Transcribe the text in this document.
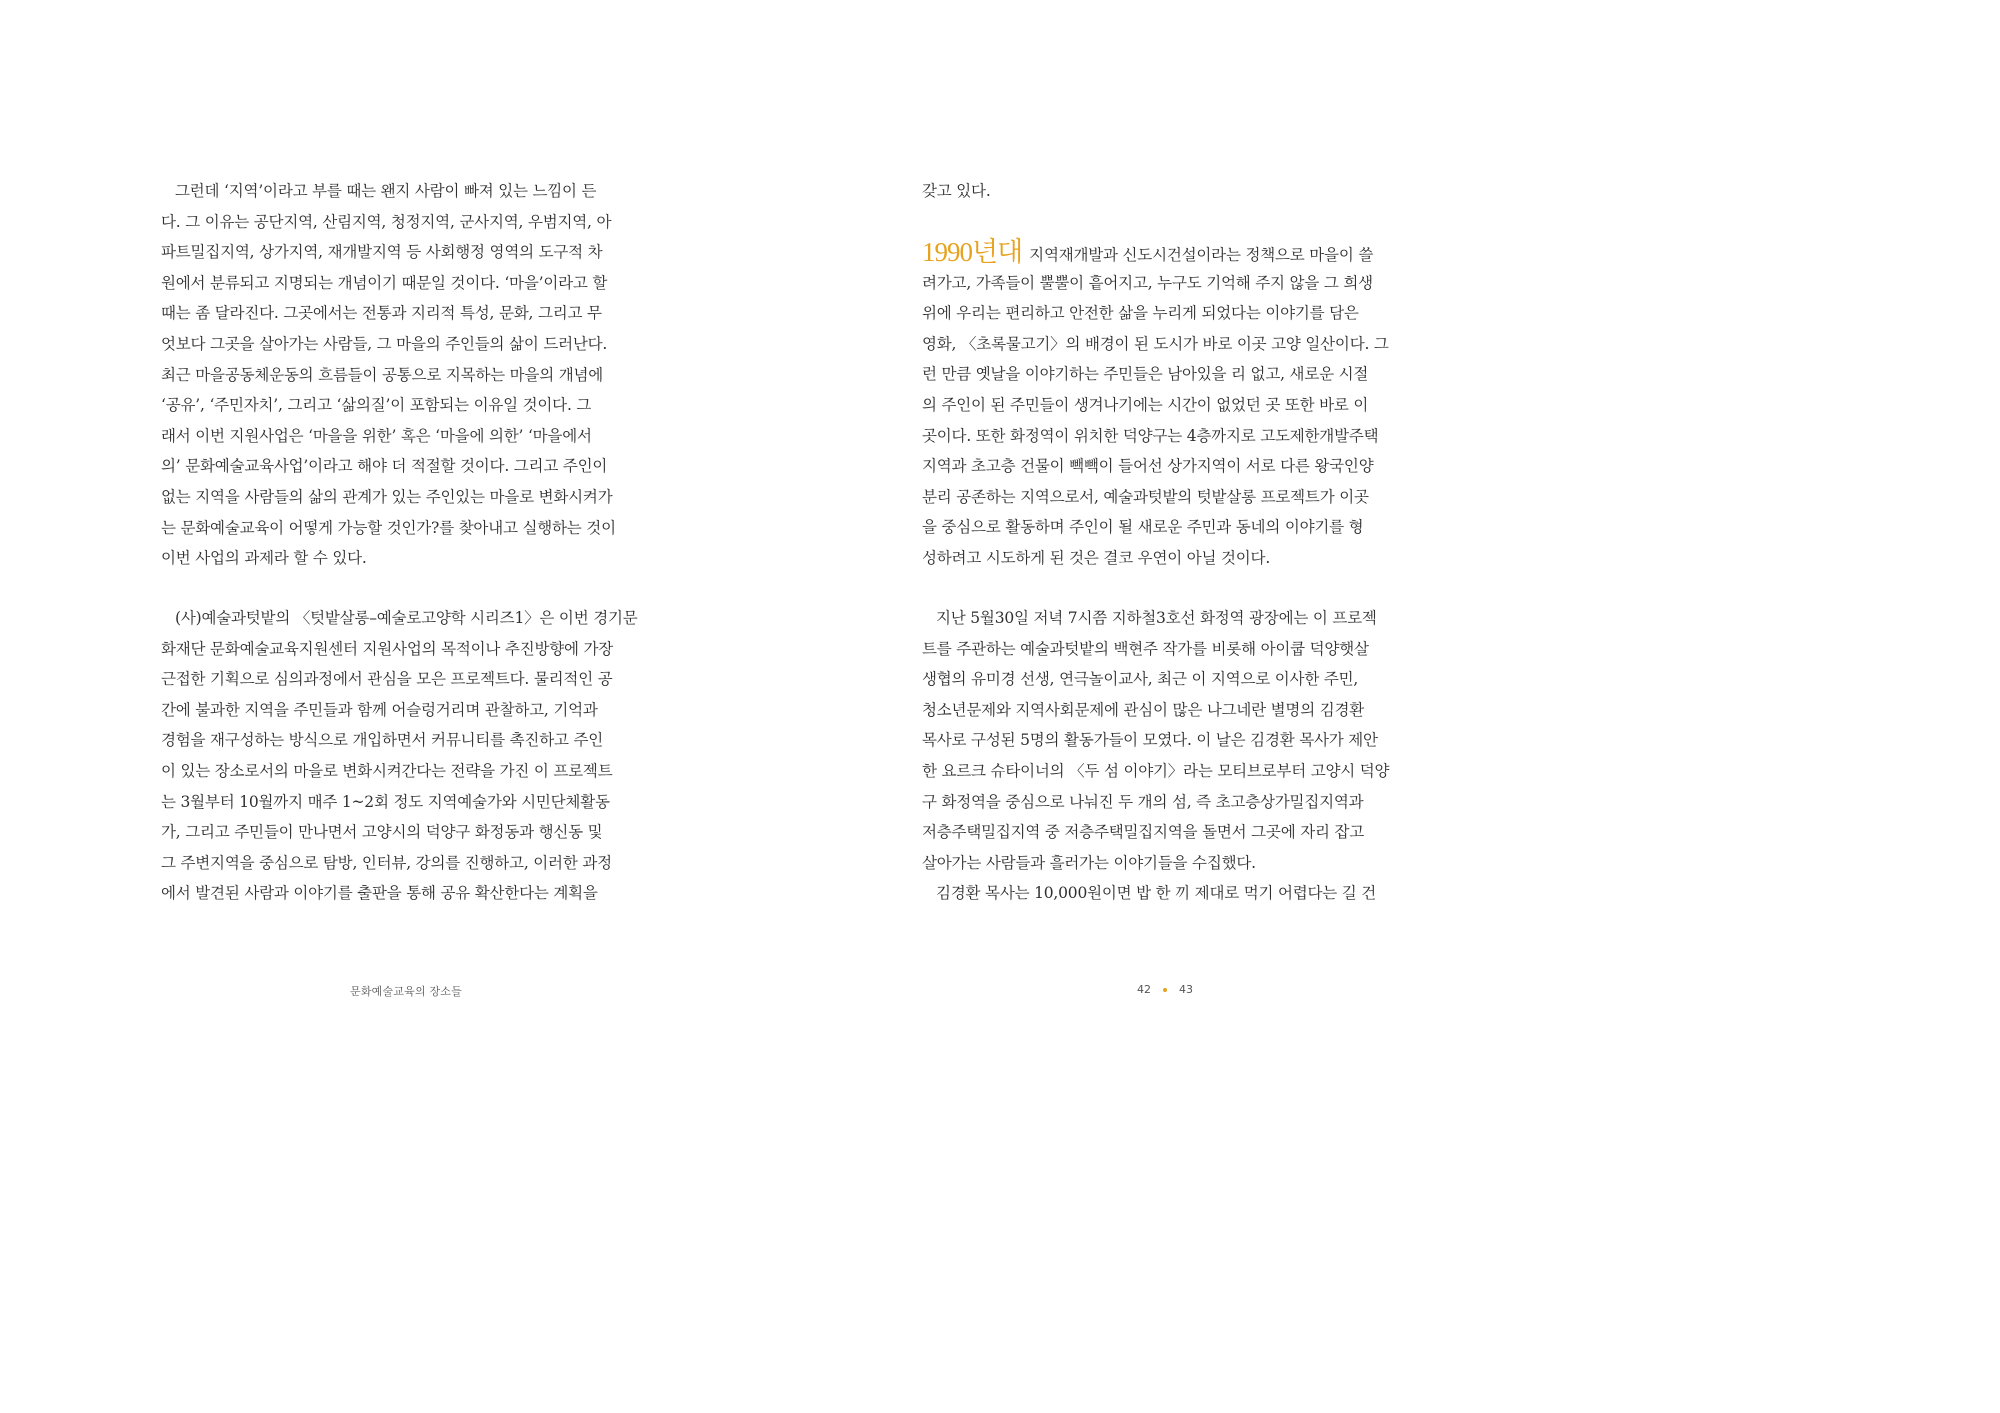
그런데 ‘지역’이라고 부를 때는 왠지 사람이 빠져 있는 느낌이 든
다. 그 이유는 공단지역, 산림지역, 청정지역, 군사지역, 우범지역, 아
파트밀집지역, 상가지역, 재개발지역 등 사회행정 영역의 도구적 차
원에서 분류되고 지명되는 개념이기 때문일 것이다. ‘마을’이라고 할
때는 좀 달라진다. 그곳에서는 전통과 지리적 특성, 문화, 그리고 무
엇보다 그곳을 살아가는 사람들, 그 마을의 주인들의 삶이 드러난다.
최근 마을공동체운동의 흐름들이 공통으로 지목하는 마을의 개념에
‘공유’, ‘주민자치’, 그리고 ‘삶의질’이 포함되는 이유일 것이다. 그
래서 이번 지원사업은 ‘마을을 위한’ 혹은 ‘마을에 의한’ ‘마을에서
의’ 문화예술교육사업’이라고 해야 더 적절할 것이다. 그리고 주인이
없는 지역을 사람들의 삶의 관계가 있는 주인있는 마을로 변화시켜가
는 문화예술교육이 어떻게 가능할 것인가?를 찾아내고 실행하는 것이
이번 사업의 과제라 할 수 있다.
(사)예술과텃밭의 〈텃밭살롱–예술로고양학 시리즈1〉은 이번 경기문
화재단 문화예술교육지원센터 지원사업의 목적이나 추진방향에 가장
근접한 기획으로 심의과정에서 관심을 모은 프로젝트다. 물리적인 공
간에 불과한 지역을 주민들과 함께 어슬렁거리며 관찰하고, 기억과
경험을 재구성하는 방식으로 개입하면서 커뮤니티를 촉진하고 주인
이 있는 장소로서의 마을로 변화시켜간다는 전략을 가진 이 프로젝트
는 3월부터 10월까지 매주 1~2회 정도 지역예술가와 시민단체활동
가, 그리고 주민들이 만나면서 고양시의 덕양구 화정동과 행신동 및
그 주변지역을 중심으로 탐방, 인터뷰, 강의를 진행하고, 이러한 과정
에서 발견된 사람과 이야기를 출판을 통해 공유 확산한다는 계획을
문화예술교육의 장소들
갖고 있다.
1990년대 지역재개발과 신도시건설이라는 정책으로 마을이 쓸
려가고, 가족들이 뿔뿔이 흩어지고, 누구도 기억해 주지 않을 그 희생
위에 우리는 편리하고 안전한 삶을 누리게 되었다는 이야기를 담은
영화, 〈초록물고기〉의 배경이 된 도시가 바로 이곳 고양 일산이다. 그
런 만큼 옛날을 이야기하는 주민들은 남아있을 리 없고, 새로운 시절
의 주인이 된 주민들이 생겨나기에는 시간이 없었던 곳 또한 바로 이
곳이다. 또한 화정역이 위치한 덕양구는 4층까지로 고도제한개발주택
지역과 초고층 건물이 빽빽이 들어선 상가지역이 서로 다른 왕국인양
분리 공존하는 지역으로서, 예술과텃밭의 텃밭살롱 프로젝트가 이곳
을 중심으로 활동하며 주인이 될 새로운 주민과 동네의 이야기를 형
성하려고 시도하게 된 것은 결코 우연이 아닐 것이다.
지난 5월30일 저녁 7시쯤 지하철3호선 화정역 광장에는 이 프로젝
트를 주관하는 예술과텃밭의 백현주 작가를 비롯해 아이쿱 덕양햇살
생협의 유미경 선생, 연극놀이교사, 최근 이 지역으로 이사한 주민,
청소년문제와 지역사회문제에 관심이 많은 나그네란 별명의 김경환
목사로 구성된 5명의 활동가들이 모였다. 이 날은 김경환 목사가 제안
한 요르크 슈타이너의 〈두 섬 이야기〉라는 모티브로부터 고양시 덕양
구 화정역을 중심으로 나눠진 두 개의 섬, 즉 초고층상가밀집지역과
저층주택밀집지역 중 저층주택밀집지역을 돌면서 그곳에 자리 잡고
살아가는 사람들과 흘러가는 이야기들을 수집했다.
김경환 목사는 10,000원이면 밥 한 끼 제대로 먹기 어렵다는 길 건
42	43
